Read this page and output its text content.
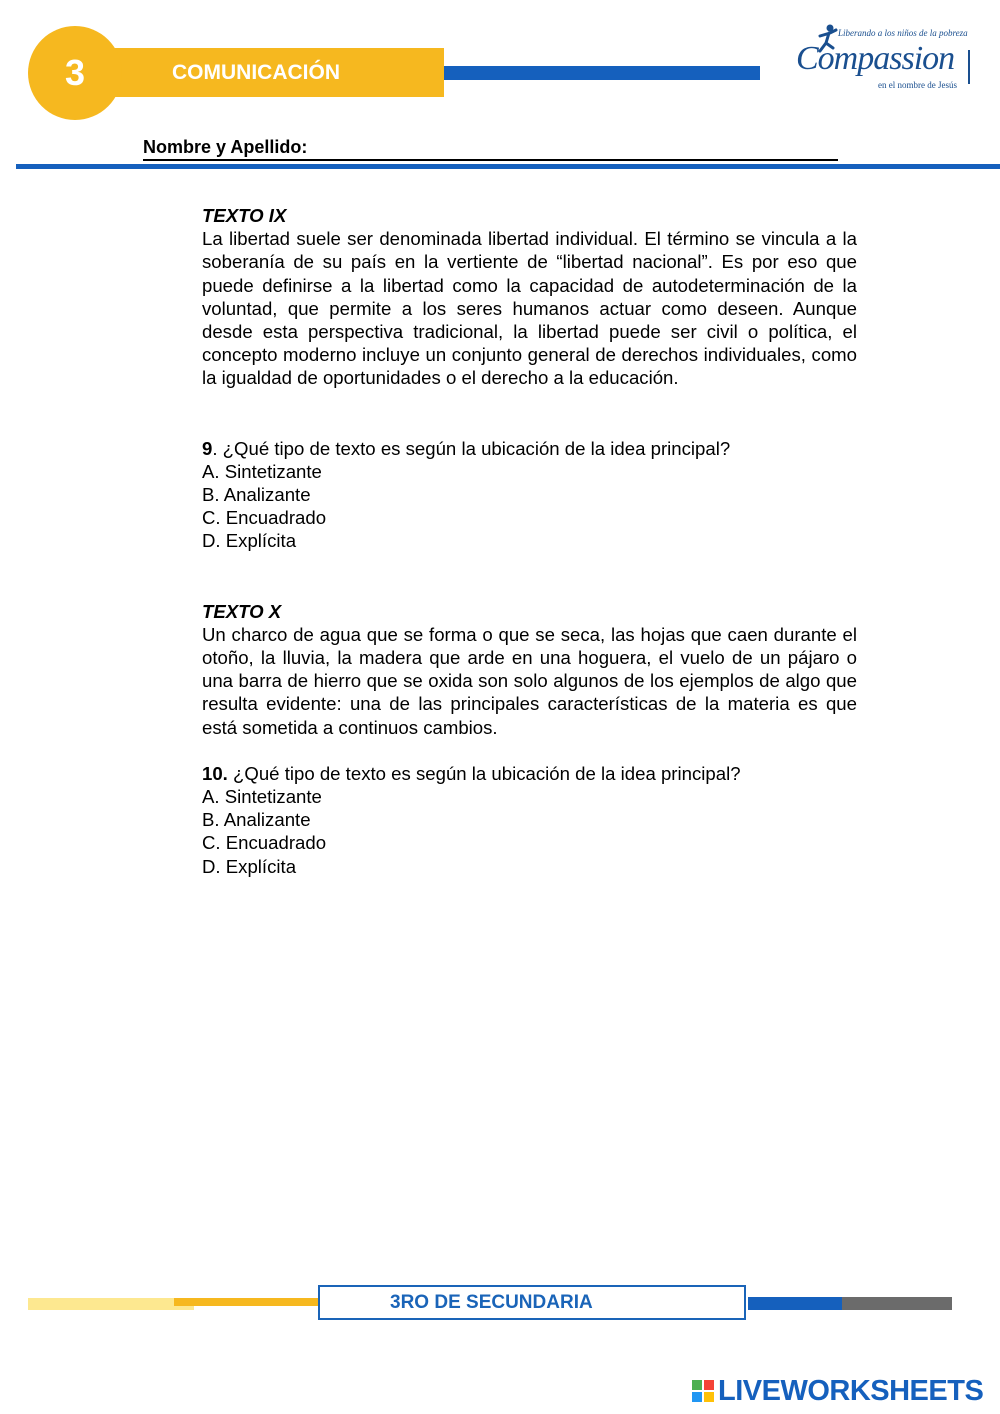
COMUNICACIÓN
3
Liberando a los niños de la pobreza
Compassion
en el nombre de Jesús
Nombre y Apellido:
TEXTO IX

La libertad suele ser denominada libertad individual. El término se vincula a la soberanía de su país en la vertiente de “libertad nacional”. Es por eso que puede definirse a la libertad como la capacidad de autodeterminación de la voluntad, que permite a los seres humanos actuar como deseen. Aunque desde esta perspectiva tradicional, la libertad puede ser civil o política, el concepto moderno incluye un conjunto general de derechos individuales, como la igualdad de oportunidades o el derecho a la educación.

9. ¿Qué tipo de texto es según la ubicación de la idea principal?

A. Sintetizante

B. Analizante

C. Encuadrado

D. Explícita

TEXTO X

Un charco de agua que se forma o que se seca, las hojas que caen durante el otoño, la lluvia, la madera que arde en una hoguera, el vuelo de un pájaro o una barra de hierro que se oxida son solo algunos de los ejemplos de algo que resulta evidente: una de las principales características de la materia es que está sometida a continuos cambios.

10. ¿Qué tipo de texto es según la ubicación de la idea principal?

A. Sintetizante

B. Analizante

C. Encuadrado

D. Explícita

3RO DE SECUNDARIA
LIVEWORKSHEETS
